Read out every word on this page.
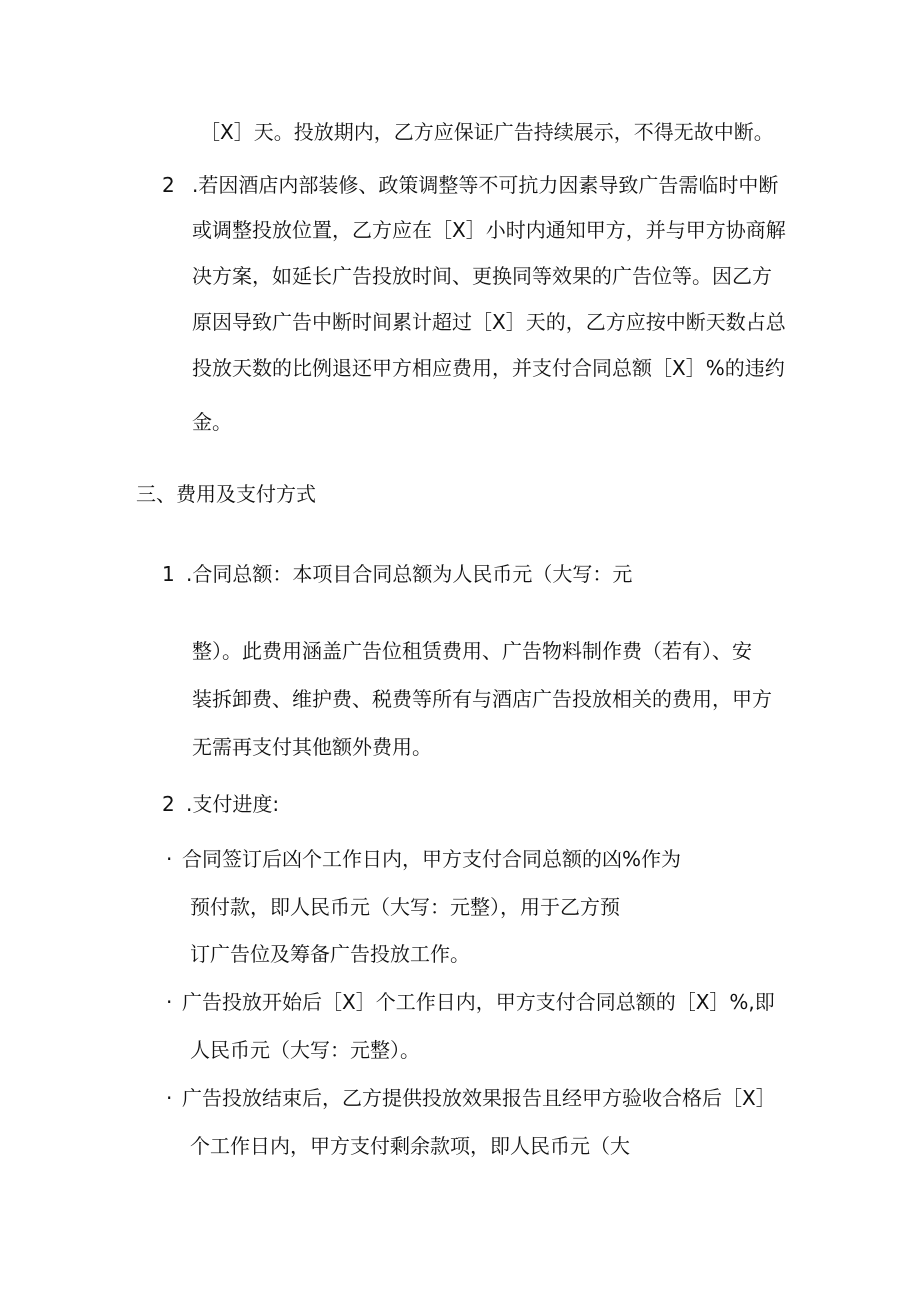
［X］天。投放期内，乙方应保证广告持续展示，不得无故中断。
2 .若因酒店内部装修、政策调整等不可抗力因素导致广告需临时中断
或调整投放位置，乙方应在［X］小时内通知甲方，并与甲方协商解
决方案，如延长广告投放时间、更换同等效果的广告位等。因乙方
原因导致广告中断时间累计超过［X］天的，乙方应按中断天数占总
投放天数的比例退还甲方相应费用，并支付合同总额［X］%的违约
金。
三、费用及支付方式
1 .合同总额：本项目合同总额为人民币元（大写：元
整）。此费用涵盖广告位租赁费用、广告物料制作费（若有）、安
装拆卸费、维护费、税费等所有与酒店广告投放相关的费用，甲方
无需再支付其他额外费用。
2 .支付进度:
· 合同签订后凶个工作日内，甲方支付合同总额的凶%作为
预付款，即人民币元（大写：元整），用于乙方预
订广告位及筹备广告投放工作。
· 广告投放开始后［X］个工作日内，甲方支付合同总额的［X］%,即
人民币元（大写：元整）。
· 广告投放结束后，乙方提供投放效果报告且经甲方验收合格后［X］
个工作日内，甲方支付剩余款项，即人民币元（大
